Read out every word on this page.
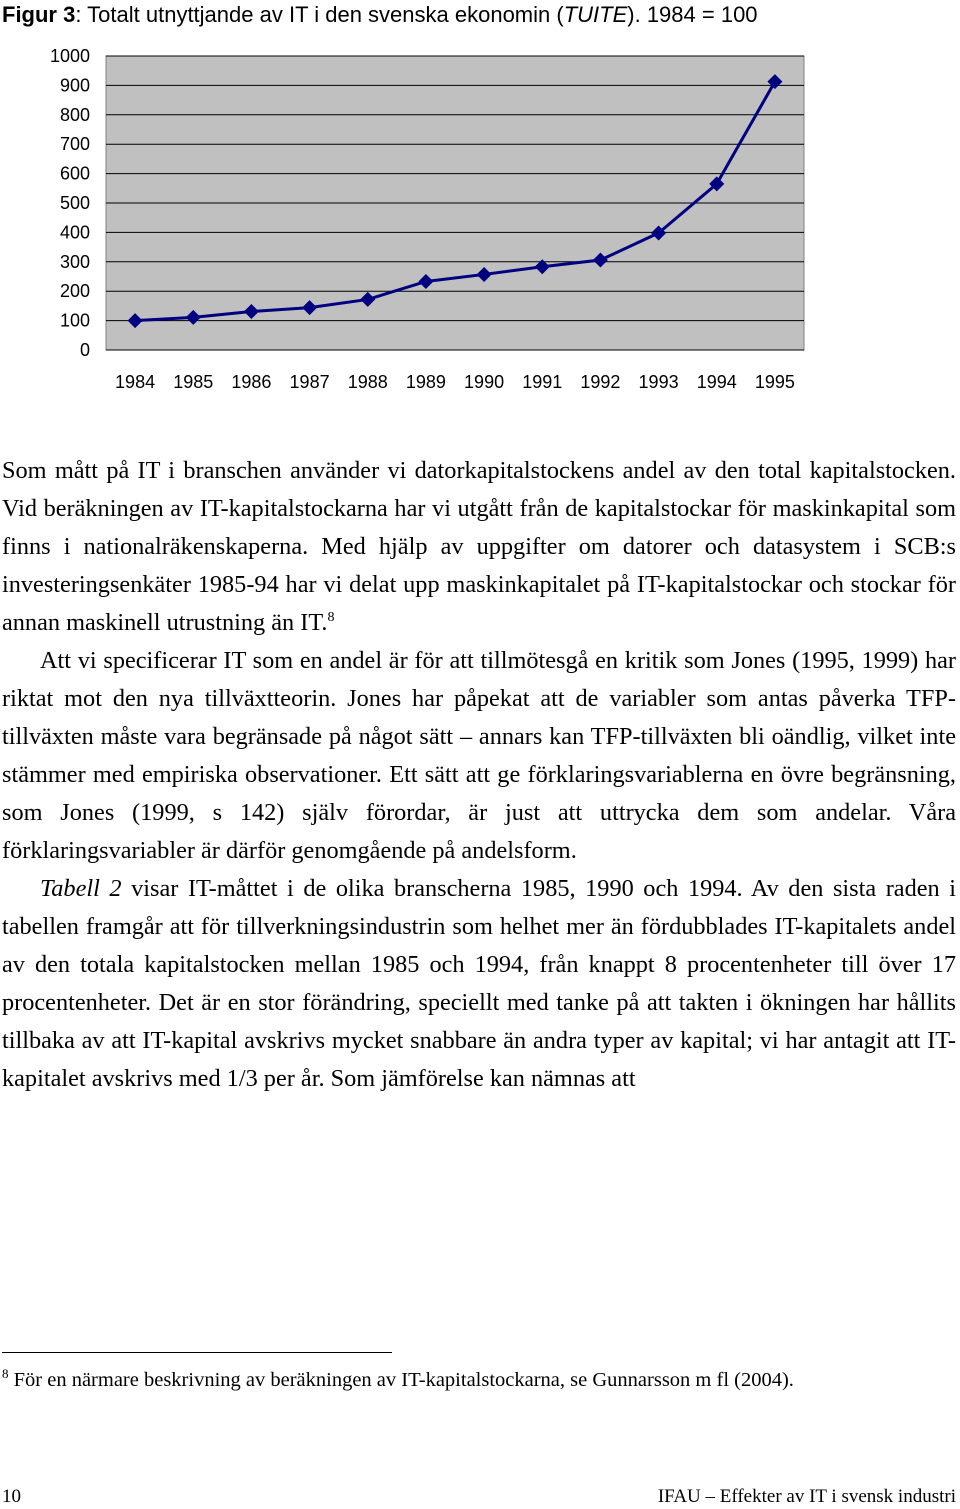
Figur 3: Totalt utnyttjande av IT i den svenska ekonomin (TUITE). 1984 = 100
0
100
200
300
400
500
600
700
800
900
1000
1984 1985 1986 1987 1988 1989 1990 1991 1992 1993 1994 1995

Som mått på IT i branschen använder vi datorkapitalstockens andel av den total kapitalstocken. Vid beräkningen av IT-kapitalstockarna har vi utgått från de kapitalstockar för maskinkapital som finns i nationalräkenskaperna. Med hjälp av uppgifter om datorer och datasystem i SCB:s investeringsenkäter 1985-94 har vi delat upp maskinkapitalet på IT-kapitalstockar och stockar för annan maskinell utrustning än IT.$^8$

Att vi specificerar IT som en andel är för att tillmötesgå en kritik som Jones (1995, 1999) har riktat mot den nya tillväxtteorin. Jones har påpekat att de variabler som antas påverka TFP-tillväxten måste vara begränsade på något sätt – annars kan TFP-tillväxten bli oändlig, vilket inte stämmer med empiriska observationer. Ett sätt att ge förklaringsvariablerna en övre begränsning, som Jones (1999, s 142) själv förordar, är just att uttrycka dem som andelar. Våra förklaringsvariabler är därför genomgående på andelsform.

Tabell 2 visar IT-måttet i de olika branscherna 1985, 1990 och 1994. Av den sista raden i tabellen framgår att för tillverkningsindustrin som helhet mer än fördubblades IT-kapitalets andel av den totala kapitalstocken mellan 1985 och 1994, från knappt 8 procentenheter till över 17 procentenheter. Det är en stor förändring, speciellt med tanke på att takten i ökningen har hållits tillbaka av att IT-kapital avskrivs mycket snabbare än andra typer av kapital; vi har antagit att IT-kapitalet avskrivs med 1/3 per år. Som jämförelse kan nämnas att

$^8$ För en närmare beskrivning av beräkningen av IT-kapitalstockarna, se Gunnarsson m fl (2004).
10	IFAU – Effekter av IT i svensk industri
